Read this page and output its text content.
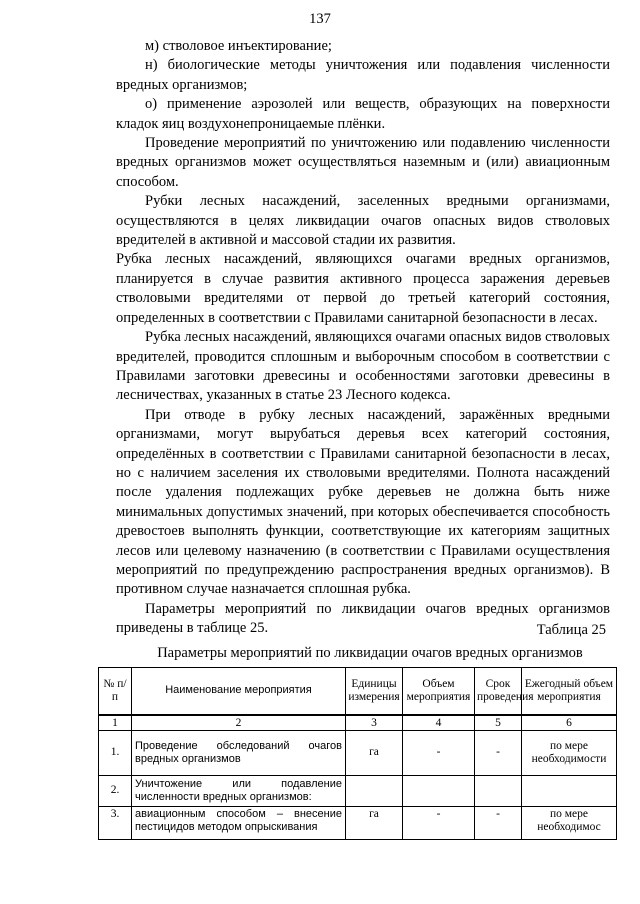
137

м) стволовое инъектирование;

н) биологические методы уничтожения или подавления численности вредных организмов;

о) применение аэрозолей или веществ, образующих на поверхности кладок яиц воздухонепроницаемые плёнки.

Проведение мероприятий по уничтожению или подавлению численности вредных организмов может осуществляться наземным и (или) авиационным способом.

Рубки лесных насаждений, заселенных вредными организмами, осуществляются в целях ликвидации очагов опасных видов стволовых вредителей в активной и массовой стадии их развития.

Рубка лесных насаждений, являющихся очагами вредных организмов, планируется в случае развития активного процесса заражения деревьев стволовыми вредителями от первой до третьей категорий состояния, определенных в соответствии с Правилами санитарной безопасности в лесах.

Рубка лесных насаждений, являющихся очагами опасных видов стволовых вредителей, проводится сплошным и выборочным способом в соответствии с Правилами заготовки древесины и особенностями заготовки древесины в лесничествах, указанных в статье 23 Лесного кодекса.

При отводе в рубку лесных насаждений, заражённых вредными организмами, могут вырубаться деревья всех категорий состояния, определённых в соответствии с Правилами санитарной безопасности в лесах, но с наличием заселения их стволовыми вредителями. Полнота насаждений после удаления подлежащих рубке деревьев не должна быть ниже минимальных допустимых значений, при которых обеспечивается способность древостоев выполнять функции, соответствующие их категориям защитных лесов или целевому назначению (в соответствии с Правилами осуществления мероприятий по предупреждению распространения вредных организмов). В противном случае назначается сплошная рубка.

Параметры мероприятий по ликвидации очагов вредных организмов приведены в таблице 25.	Таблица 25
Параметры мероприятий по ликвидации очагов вредных организмов
№ п/п	Наименование мероприятия	Единицы измерения	Объем мероприятия	Срок проведения	Ежегодный объем мероприятия
1	2	3	4	5	6
1.	Проведение обследований очагов вредных организмов	га	-	-	по мере необходимости
2.	Уничтожение или подавление численности вредных организмов:				
3.	авиационным способом – внесение пестицидов методом опрыскивания	га	-	-	по мере необходимос
